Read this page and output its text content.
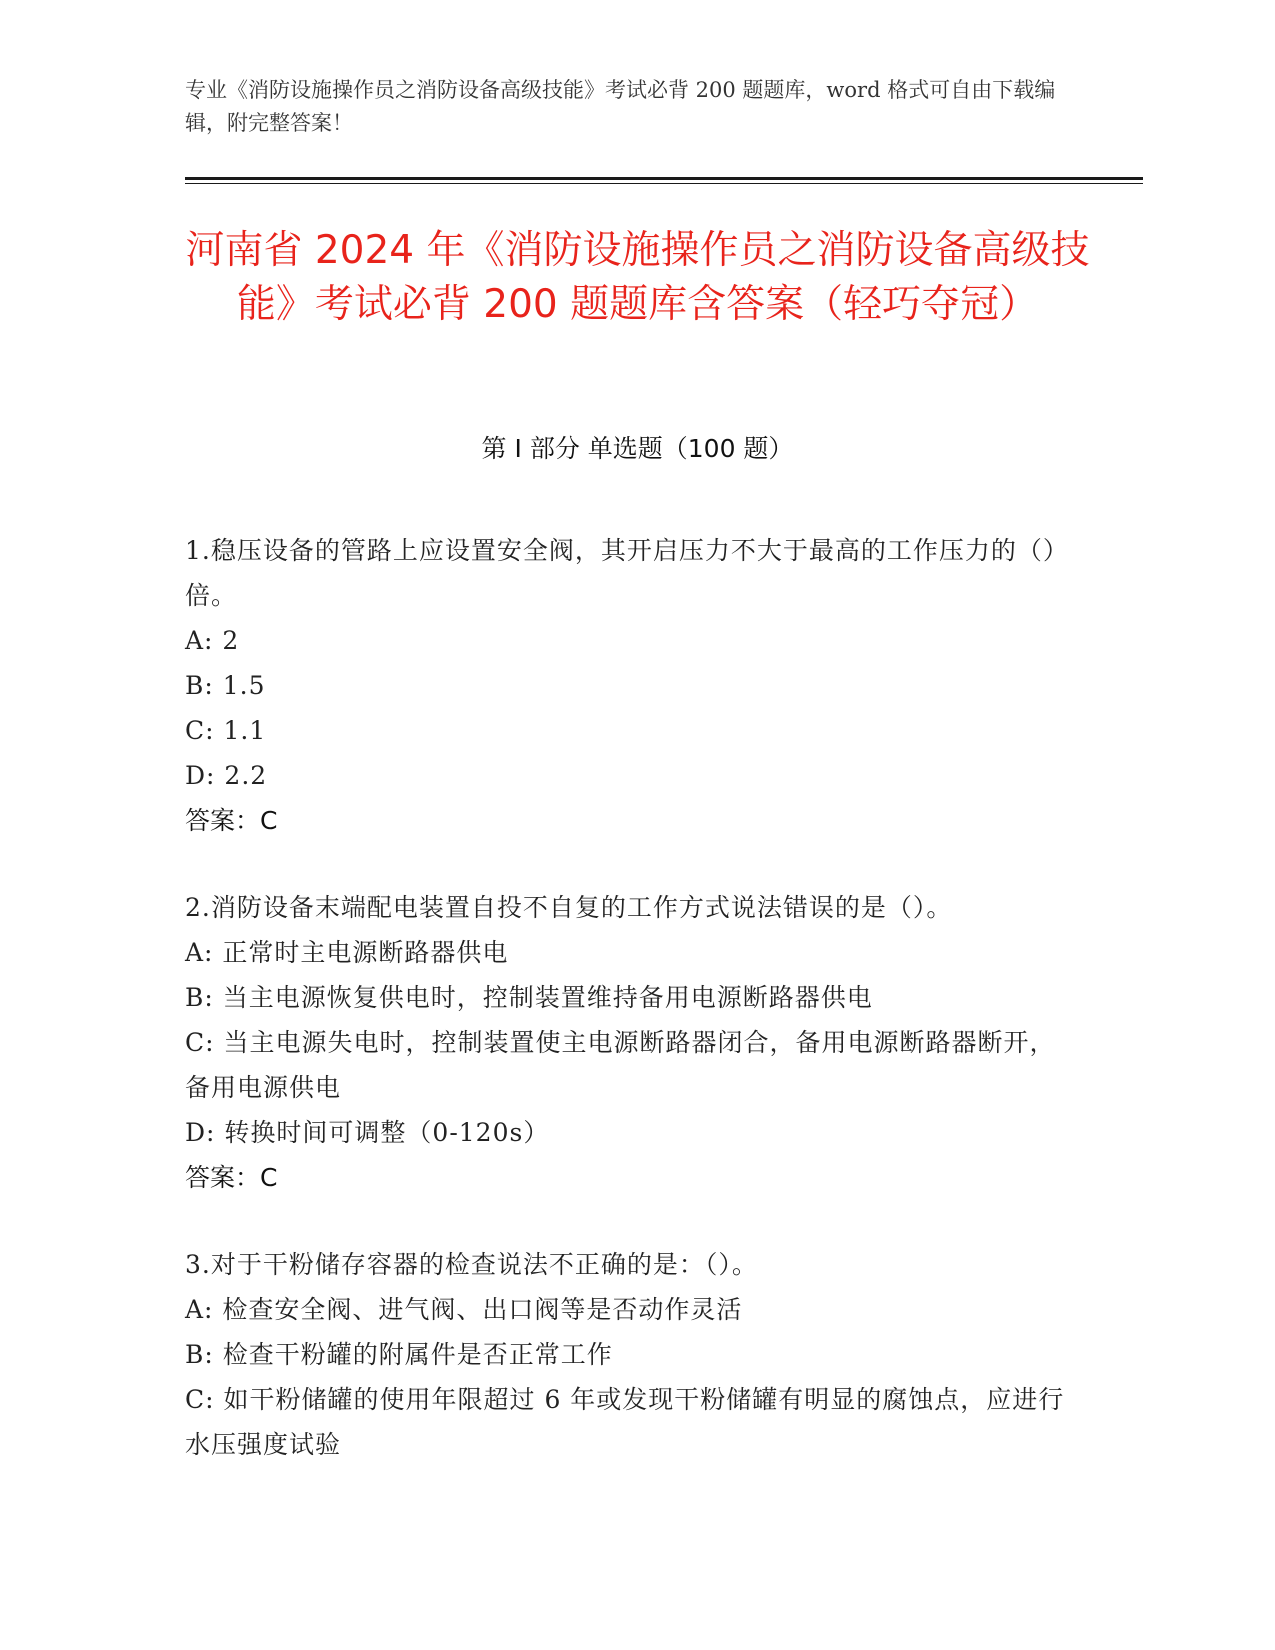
专业《消防设施操作员之消防设备高级技能》考试必背 200 题题库，word 格式可自由下载编辑，附完整答案！
河南省 2024 年《消防设施操作员之消防设备高级技能》考试必背 200 题题库含答案（轻巧夺冠）
第 I 部分 单选题（100 题）
1.稳压设备的管路上应设置安全阀，其开启压力不大于最高的工作压力的（）倍。
A: 2
B: 1.5
C: 1.1
D: 2.2
答案：C
2.消防设备末端配电装置自投不自复的工作方式说法错误的是（）。
A: 正常时主电源断路器供电
B: 当主电源恢复供电时，控制装置维持备用电源断路器供电
C: 当主电源失电时，控制装置使主电源断路器闭合，备用电源断路器断开，备用电源供电
D: 转换时间可调整（0-120s）
答案：C
3.对于干粉储存容器的检查说法不正确的是：（）。
A: 检查安全阀、进气阀、出口阀等是否动作灵活
B: 检查干粉罐的附属件是否正常工作
C: 如干粉储罐的使用年限超过 6 年或发现干粉储罐有明显的腐蚀点，应进行水压强度试验
